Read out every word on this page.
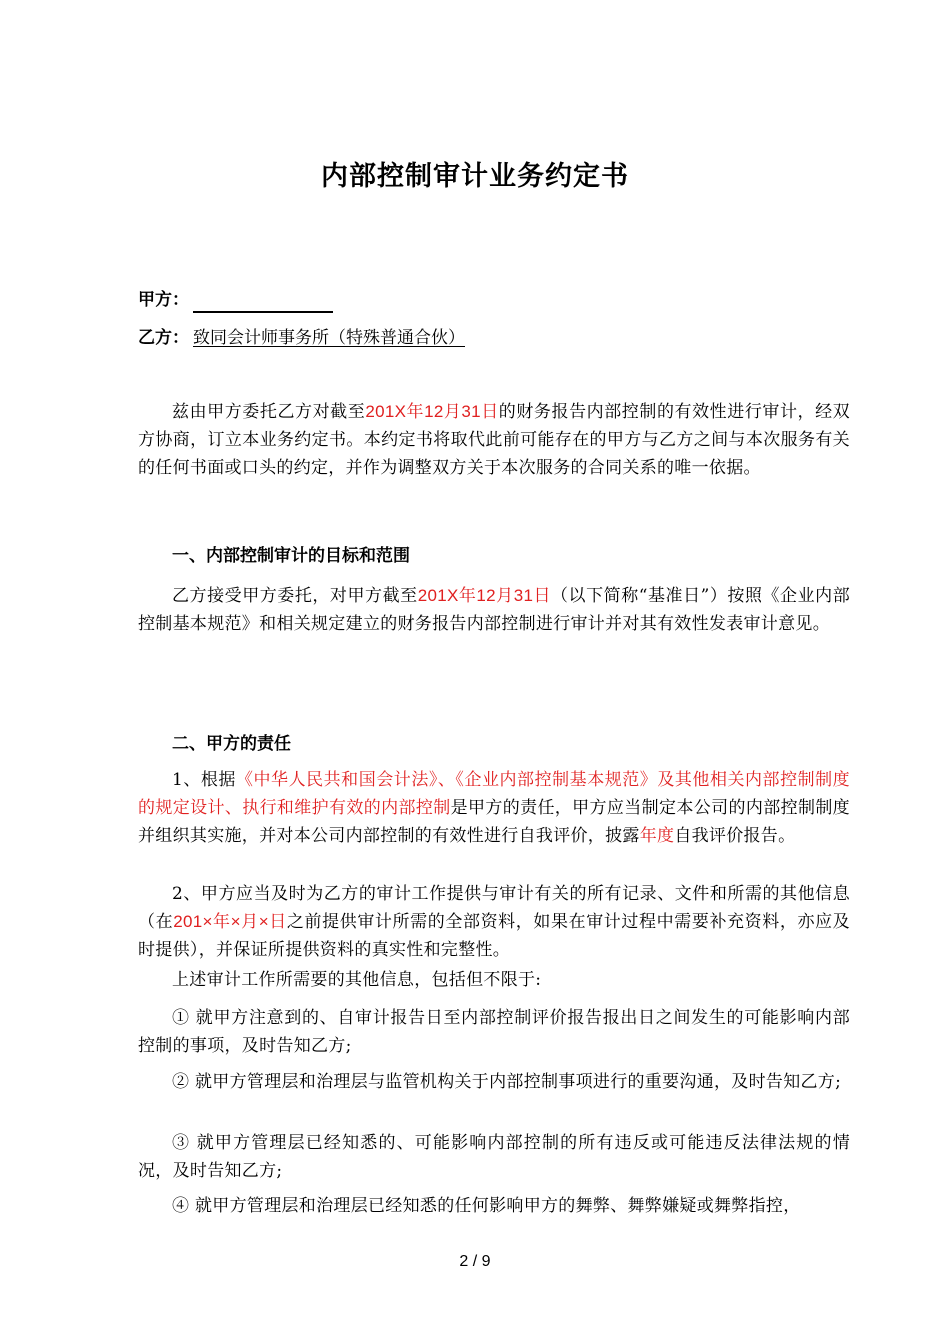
内部控制审计业务约定书
甲方：
乙方： 致同会计师事务所（特殊普通合伙）
兹由甲方委托乙方对截至201X年12月31日的财务报告内部控制的有效性进行审计，经双方协商，订立本业务约定书。本约定书将取代此前可能存在的甲方与乙方之间与本次服务有关的任何书面或口头的约定，并作为调整双方关于本次服务的合同关系的唯一依据。
一、内部控制审计的目标和范围
乙方接受甲方委托，对甲方截至201X年12月31日（以下简称“基准日”）按照《企业内部控制基本规范》和相关规定建立的财务报告内部控制进行审计并对其有效性发表审计意见。
二、甲方的责任
1、根据《中华人民共和国会计法》、《企业内部控制基本规范》及其他相关内部控制制度的规定设计、执行和维护有效的内部控制是甲方的责任，甲方应当制定本公司的内部控制制度并组织其实施，并对本公司内部控制的有效性进行自我评价，披露年度自我评价报告。
2、甲方应当及时为乙方的审计工作提供与审计有关的所有记录、文件和所需的其他信息（在201×年×月×日之前提供审计所需的全部资料，如果在审计过程中需要补充资料，亦应及时提供），并保证所提供资料的真实性和完整性。
上述审计工作所需要的其他信息，包括但不限于:
① 就甲方注意到的、自审计报告日至内部控制评价报告报出日之间发生的可能影响内部控制的事项，及时告知乙方;
② 就甲方管理层和治理层与监管机构关于内部控制事项进行的重要沟通，及时告知乙方;
③ 就甲方管理层已经知悉的、可能影响内部控制的所有违反或可能违反法律法规的情况，及时告知乙方;
④ 就甲方管理层和治理层已经知悉的任何影响甲方的舞弊、舞弊嫌疑或舞弊指控，
2 / 9
